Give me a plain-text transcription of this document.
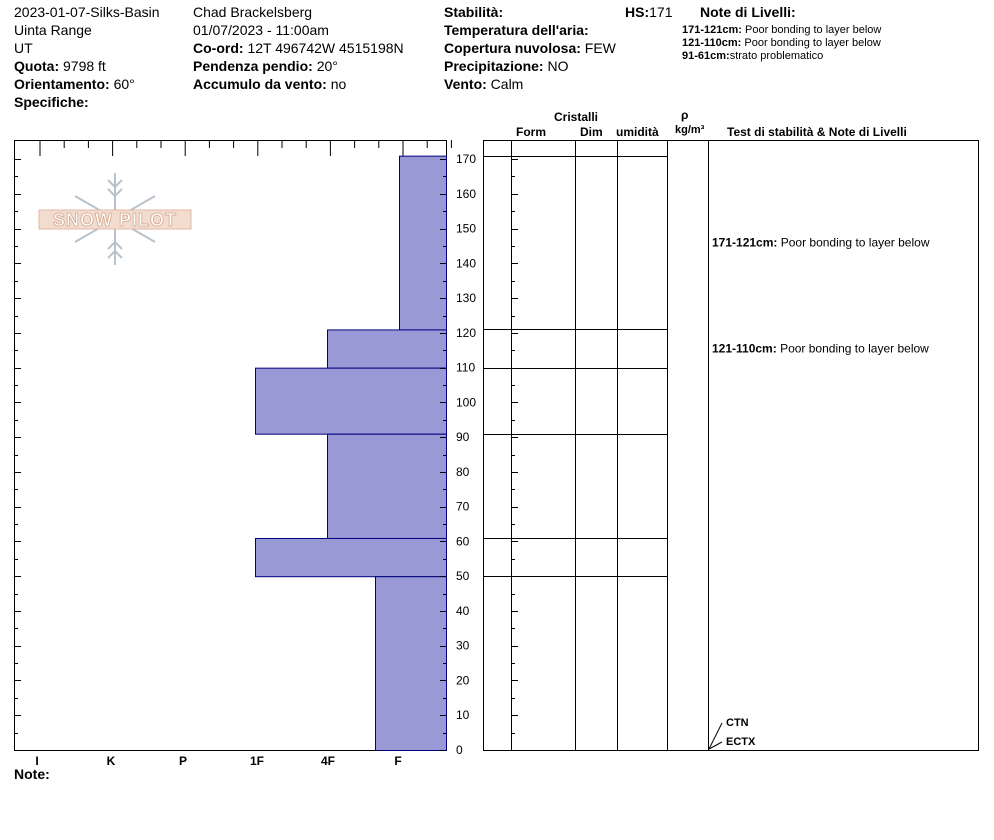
2023-01-07-Silks-Basin
Uinta Range
UT
Quota: 9798 ft
Orientamento: 60°
Specifiche:
Chad Brackelsberg
01/07/2023 - 11:00am
Co-ord: 12T 496742W 4515198N
Pendenza pendio: 20°
Accumulo da vento: no
Stabilità:
Temperatura dell'aria:
Copertura nuvolosa: FEW
Precipitazione: NO
Vento: Calm
HS:171 Note di Livelli:
171-121cm: Poor bonding to layer below
121-110cm: Poor bonding to layer below
91-61cm:strato problematico
Cristalli
Form	Dim umidità
ρ
kg/m³ Test di stabilità & Note di Livelli
SNOW PILOT
0
10
20
30
40
50
60
70
80
90
100
110
120
130
140
150
160
170
I	K	P	1F	4F	F
171-121cm: Poor bonding to layer below
121-110cm: Poor bonding to layer below
CTN
ECTX
Note:
